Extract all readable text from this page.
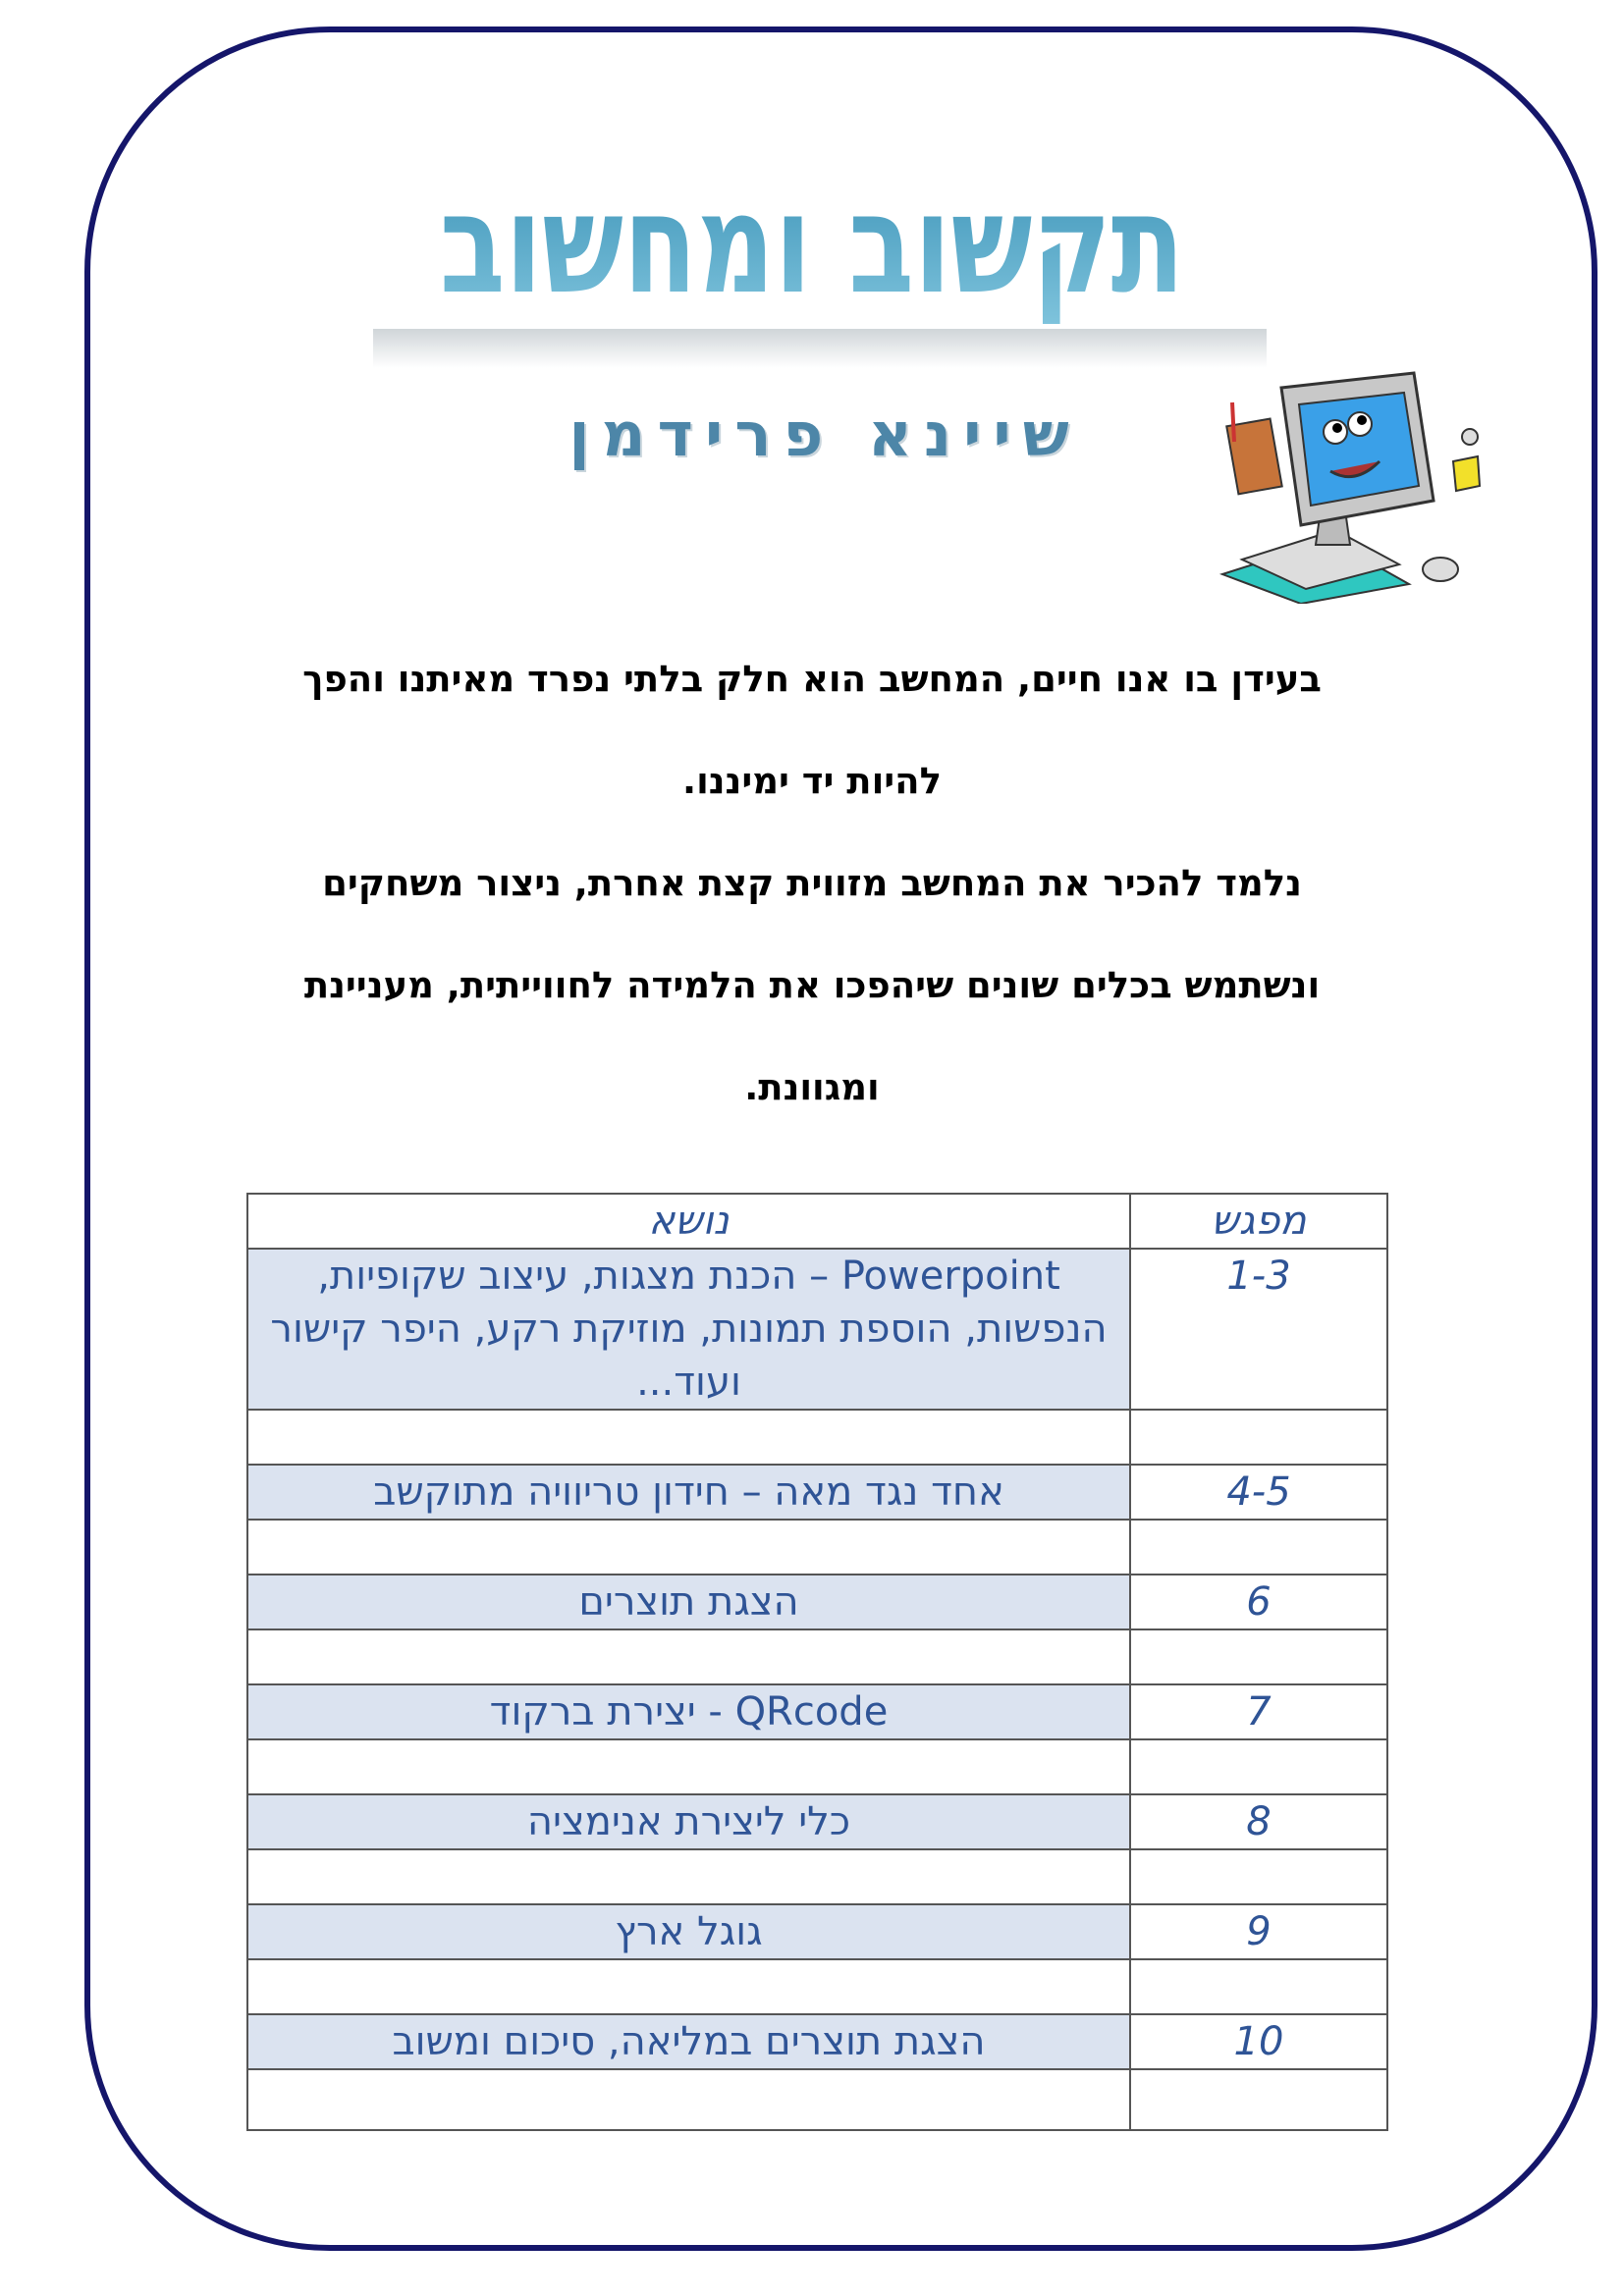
תקשוב ומחשוב
שיינא פרידמן

בעידן בו אנו חיים, המחשב הוא חלק בלתי נפרד מאיתנו והפך

להיות יד ימיננו.

נלמד להכיר את המחשב מזווית קצת אחרת, ניצור משחקים

ונשתמש בכלים שונים שיהפכו את הלמידה לחווייתית, מעניינת

ומגוונת.

מפגש	נושא
1-3	Powerpoint – הכנת מצגות, עיצוב שקופיות, הנפשות, הוספת תמונות, מוזיקת רקע, היפר קישור ועוד...

4-5	אחד נגד מאה – חידון טריוויה מתוקשב

6	הצגת תוצרים

7	QRcode - יצירת ברקוד

8	כלי ליצירת אנימציה

9	גוגל ארץ

10	הצגת תוצרים במליאה, סיכום ומשוב
